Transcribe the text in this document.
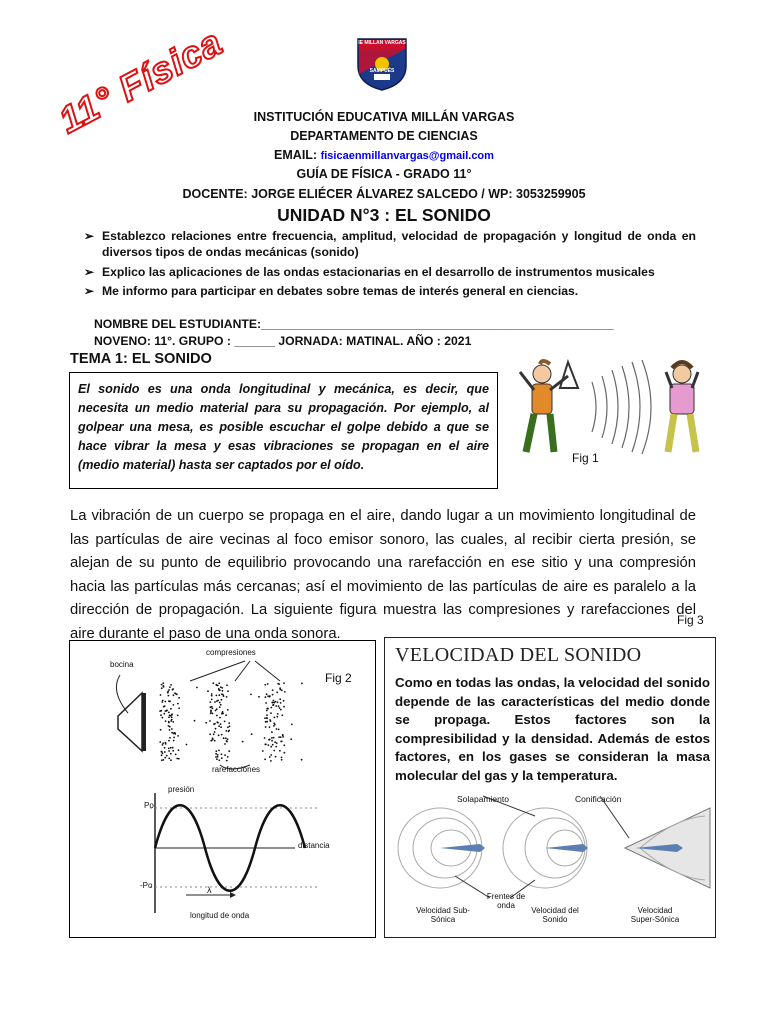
11° Física	IE MILLAN VARGAS
SAMPUÉS
INSTITUCIÓN EDUCATIVA MILLÁN VARGAS
DEPARTAMENTO DE CIENCIAS
EMAIL: fisicaenmillanvargas@gmail.com
GUÍA DE FÍSICA - GRADO 11°
DOCENTE: JORGE ELIÉCER ÁLVAREZ SALCEDO / WP: 3053259905
UNIDAD N°3 : EL SONIDO
➢ Establezco relaciones entre frecuencia, amplitud, velocidad de propagación y longitud de onda en diversos tipos de ondas mecánicas (sonido)
➢ Explico las aplicaciones de las ondas estacionarias en el desarrollo de instrumentos musicales
➢ Me informo para participar en debates sobre temas de interés general en ciencias.
NOMBRE DEL ESTUDIANTE:____________________________________________________
NOVENO: 11°. GRUPO : ______ JORNADA: MATINAL. AÑO : 2021
TEMA 1: EL SONIDO

El sonido es una onda longitudinal y mecánica, es decir, que necesita un medio material para su propagación. Por ejemplo, al golpear una mesa, es posible escuchar el golpe debido a que se hace vibrar la mesa y esas vibraciones se propagan en el aire (medio material) hasta ser captados por el oído.	Fig 1
La vibración de un cuerpo se propaga en el aire, dando lugar a un movimiento longitudinal de las partículas de aire vecinas al foco emisor sonoro, las cuales, al recibir cierta presión, se alejan de su punto de equilibrio provocando una rarefacción en ese sitio y una compresión hacia las partículas más cercanas; así el movimiento de las partículas de aire es paralelo a la dirección de propagación. La siguiente figura muestra las compresiones y rarefacciones del aire durante el paso de una onda sonora.
Fig 3
bocina
compresiones
rarefacciones
Fig 2
presión
distancia
Po
-Po	λ
longitud de onda
VELOCIDAD DEL SONIDO
Como en todas las ondas, la velocidad del sonido depende de las características del medio donde se propaga. Estos factores son la compresibilidad y la densidad. Además de estos factores, en los gases se consideran la masa molecular del gas y la temperatura.
Solapamiento	Conificación
Frentes de onda
Velocidad Sub-Sónica
Velocidad del Sonido
Velocidad Super-Sónica
